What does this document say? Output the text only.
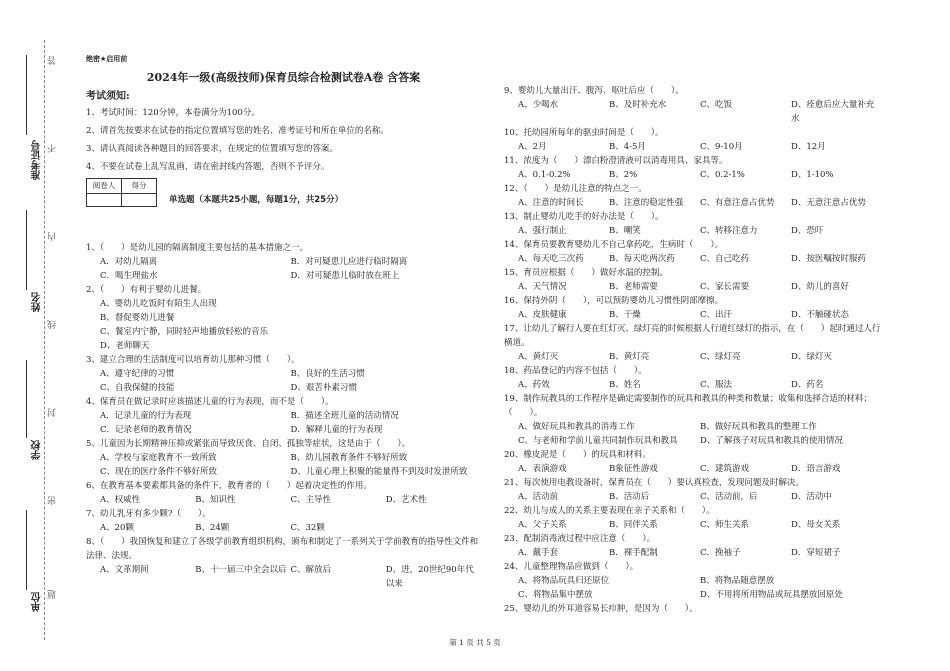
准考证号
姓名
学校
单位
答
不
内
线
封
密
题
绝密★启用前
2024年一级(高级技师)保育员综合检测试卷A卷 含答案
考试须知:
1、考试时间：120分钟，本卷满分为100分。
2、请首先按要求在试卷的指定位置填写您的姓名、准考证号和所在单位的名称。
3、请认真阅读各种题目的回答要求，在规定的位置填写您的答案。
4、不要在试卷上乱写乱画，请在密封线内答题，否则不予评分。
阅卷人	得分

单选题（本题共25小题，每题1分，共25分）
1、（　　）是幼儿园的隔离制度主要包括的基本措施之一。
A．对幼儿隔离	B．对可疑患儿应进行临时隔离
C．喝生理盐水	D．对可疑患儿临时放在班上
2、（　　）有利于婴幼儿进餐。
A、婴幼儿吃饭时有陌生人出现
B、督促婴幼儿进餐
C、餐室内宁静，同时轻声地播放轻松的音乐
D、老师聊天
3、建立合理的生活制度可以培育幼儿那种习惯（　　）。
A、遵守纪律的习惯	B、良好的生活习惯
C、自我保健的技能	D、艰苦朴素习惯
4、保育员在做记录时应该描述儿童的行为表现，而不是（　　）。
A．记录儿童的行为表现	B．描述全班儿童的活动情况
C．记录老师的教育情况	D．解释儿童的行为表现
5、儿童因为长期精神压抑或紧张而导致厌食、自闭、孤独等症状，这是由于（　　）。
A、学校与家庭教育不一致所致	B、幼儿园教育条件不够好所致
C、现在的医疗条件不够好所致	D、儿童心理上积聚的能量得不到及时发泄所致
6、在教育基本要素都具备的条件下，教育者的（　　）起着决定性的作用。
A、权威性	B、知识性	C、主导性	D、艺术性
7、幼儿乳牙有多少颗?（　　）。
A、20颗	B、24颗	C、32颗
8、（　　）我国恢复和建立了各级学前教育组织机构，颁布和制定了一系列关于学前教育的指导性文件和法律、法规。
A、文革期间	B、十一届三中全会以后 C、解放后	D、进，20世纪90年代以来
9、婴幼儿大量出汗、腹泻、呕吐后应（　　）。
A、少喝水	B、及时补充水	C、吃饭	D、痊愈后应大量补充水
10、托幼园所每年的驱虫时间是（　　）。
A、2月	B、4-5月	C、9-10月	D、12月
11、浓度为（　　）漂白粉澄清液可以消毒用具、家具等。
A、0.1-0.2%	B、2%	C、0.2-1%	D、1-10%
12、（　　）是幼儿注意的特点之一。
A、注意的时间长	B、注意的稳定性强	C、有意注意占优势	D、无意注意占优势
13、制止婴幼儿吃手的好办法是（　　）。
A、强行制止	B、嘲笑	C、转移注意力	D、恐吓
14、保育员要教育婴幼儿不自己拿药吃，生病时（　　）。
A、每天吃三次药	B、每天吃两次药	C、自己吃药	D、按医嘱按时服药
15、育员应根据（　　）做好水温的控制。
A、天气情况	B、老师需要	C、家长需要	D、幼儿的喜好
16、保持外阴（　　），可以预防婴幼儿习惯性阴部摩擦。
A、皮肤健康	B、干燥	C、出汗	D、不触碰状态
17、让幼儿了解行人要在红灯灭、绿灯亮的时候根据人行道红绿灯的指示，在（　　）起时通过人行横道。
A、黄灯灭	B、黄灯亮	C、绿灯亮	D、绿灯灭
18、药品登记的内容不包括（　　）。
A、药效	B、姓名	C、服法	D、药名
19、制作玩教具的工作程序是确定需要制作的玩具和教具的种类和数量；收集和选择合适的材料；（　　）。
A、做好玩具和教具的消毒工作	B、做好玩具和教具的整理工作
C、与老师和学前儿童共同制作玩具和教具	D、了解孩子对玩具和教具的使用情况
20、橡皮泥是（　　）的玩具和材料。
A．表演游戏	B象征性游戏	C．建筑游戏	D．语言游戏
21、每次使用电教设备时，保育员在（　　）要认真检查，发现问题及时解决。
A、活动前	B、活动后	C、活动前，后	D、活动中
22、幼儿与成人的关系主要表现在亲子关系和（　　）。
A、父子关系	B、同伴关系	C、师生关系	D、母女关系
23、配制消毒液过程中应注意（　　）。
A．戴手套	B．裸手配制	C．挽袖子	D．穿短裙子
24、儿童整理物品应做到（　　）。
A、将物品玩具归还原位	B、将物品随意摆放
C、将物品集中摆放	D、不用将所用物品或玩具摆放回原处
25、婴幼儿的外耳道容易长疖肿，是因为（　　）。
第 1 页 共 5 页
